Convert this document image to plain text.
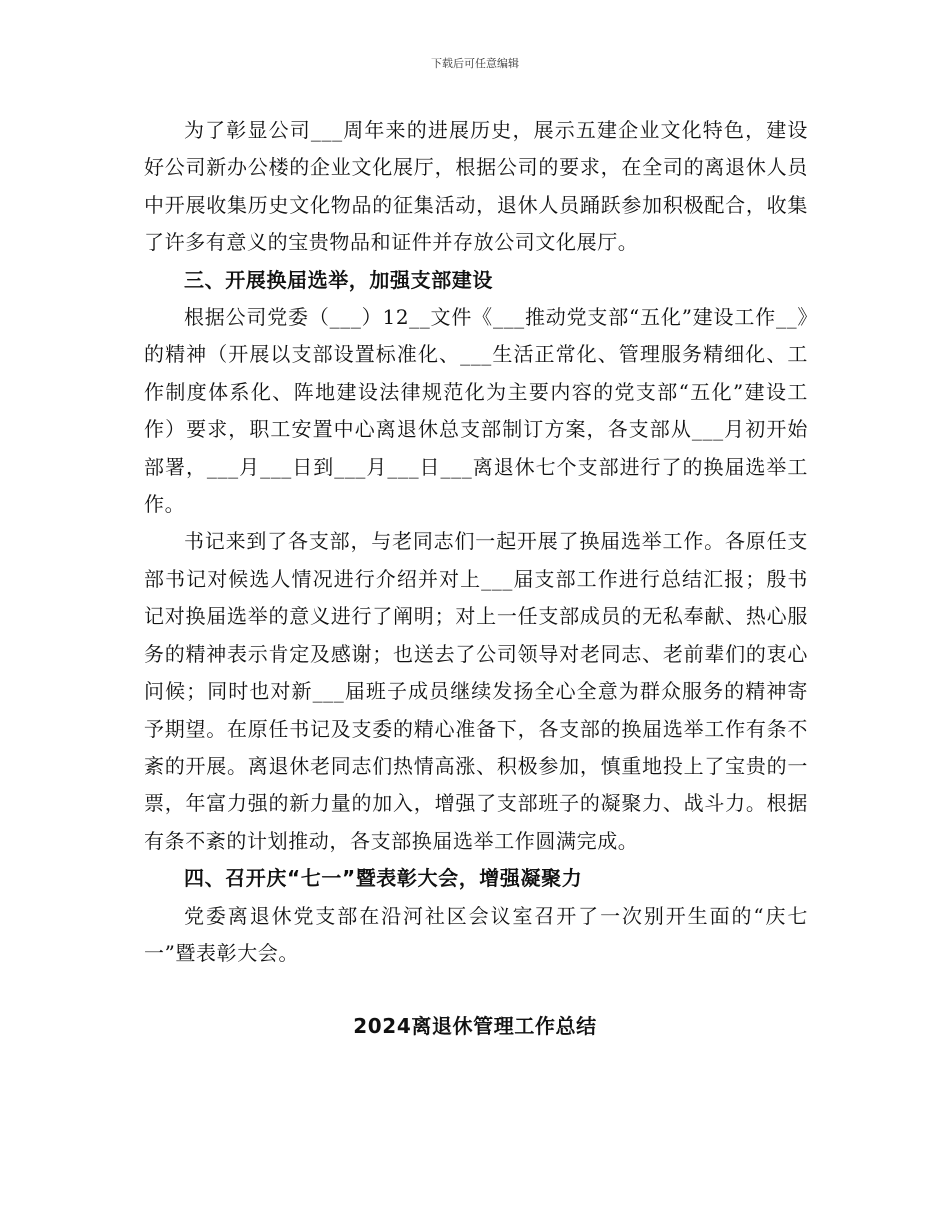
下载后可任意编辑

为了彰显公司___周年来的进展历史，展示五建企业文化特色，建设好公司新办公楼的企业文化展厅，根据公司的要求，在全司的离退休人员中开展收集历史文化物品的征集活动，退休人员踊跃参加积极配合，收集了许多有意义的宝贵物品和证件并存放公司文化展厅。

三、开展换届选举，加强支部建设

根据公司党委（___）12__文件《___推动党支部“五化”建设工作__》的精神（开展以支部设置标准化、___生活正常化、管理服务精细化、工作制度体系化、阵地建设法律规范化为主要内容的党支部“五化”建设工作）要求，职工安置中心离退休总支部制订方案，各支部从___月初开始部署，___月___日到___月___日___离退休七个支部进行了的换届选举工作。

书记来到了各支部，与老同志们一起开展了换届选举工作。各原任支部书记对候选人情况进行介绍并对上___届支部工作进行总结汇报；殷书记对换届选举的意义进行了阐明；对上一任支部成员的无私奉献、热心服务的精神表示肯定及感谢；也送去了公司领导对老同志、老前辈们的衷心问候；同时也对新___届班子成员继续发扬全心全意为群众服务的精神寄予期望。在原任书记及支委的精心准备下，各支部的换届选举工作有条不紊的开展。离退休老同志们热情高涨、积极参加，慎重地投上了宝贵的一票，年富力强的新力量的加入，增强了支部班子的凝聚力、战斗力。根据有条不紊的计划推动，各支部换届选举工作圆满完成。

四、召开庆“七一”暨表彰大会，增强凝聚力

党委离退休党支部在沿河社区会议室召开了一次别开生面的“庆七一”暨表彰大会。

2024离退休管理工作总结
